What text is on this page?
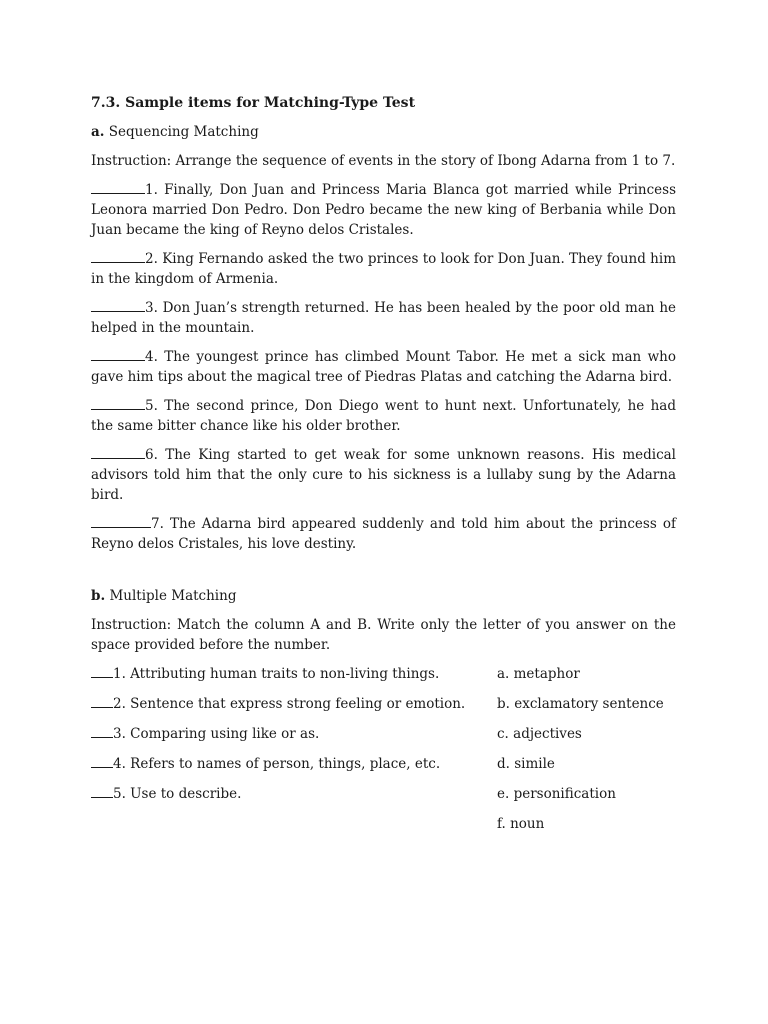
7.3. Sample items for Matching-Type Test
a. Sequencing Matching
Instruction: Arrange the sequence of events in the story of Ibong Adarna from 1 to 7.
1. Finally, Don Juan and Princess Maria Blanca got married while Princess Leonora married Don Pedro. Don Pedro became the new king of Berbania while Don Juan became the king of Reyno delos Cristales.
2. King Fernando asked the two princes to look for Don Juan. They found him in the kingdom of Armenia.
3. Don Juan’s strength returned. He has been healed by the poor old man he helped in the mountain.
4. The youngest prince has climbed Mount Tabor. He met a sick man who gave him tips about the magical tree of Piedras Platas and catching the Adarna bird.
5. The second prince, Don Diego went to hunt next. Unfortunately, he had the same bitter chance like his older brother.
6. The King started to get weak for some unknown reasons. His medical advisors told him that the only cure to his sickness is a lullaby sung by the Adarna bird.
7. The Adarna bird appeared suddenly and told him about the princess of Reyno delos Cristales, his love destiny.
b. Multiple Matching
Instruction: Match the column A and B. Write only the letter of you answer on the space provided before the number.
1. Attributing human traits to non-living things.	a. metaphor
2. Sentence that express strong feeling or emotion.	b. exclamatory sentence
3. Comparing using like or as.	c. adjectives
4. Refers to names of person, things, place, etc.	d. simile
5. Use to describe.	e. personification
f. noun
